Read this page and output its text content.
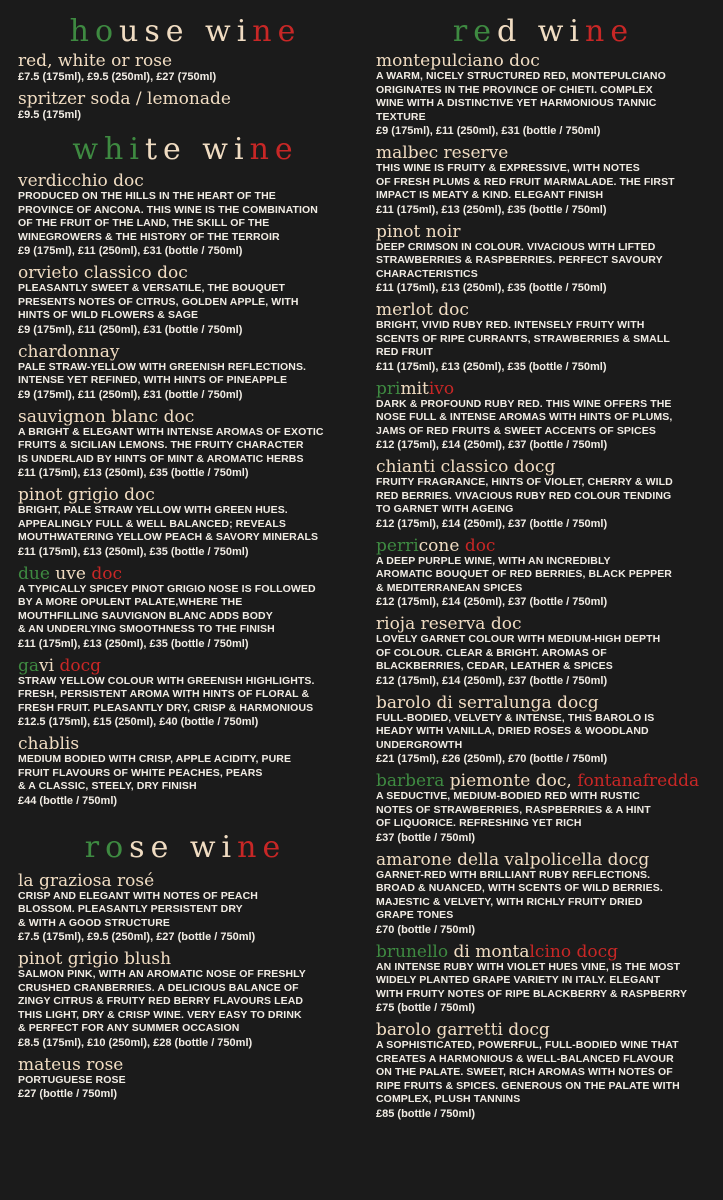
house wine
red, white or rose
£7.5 (175ml), £9.5 (250ml), £27 (750ml)
spritzer soda / lemonade
£9.5 (175ml)
white wine
verdicchio doc
PRODUCED ON THE HILLS IN THE HEART OF THE
PROVINCE OF ANCONA. THIS WINE IS THE COMBINATION
OF THE FRUIT OF THE LAND, THE SKILL OF THE
WINEGROWERS & THE HISTORY OF THE TERROIR
£9 (175ml), £11 (250ml), £31 (bottle / 750ml)
orvieto classico doc
PLEASANTLY SWEET & VERSATILE, THE BOUQUET
PRESENTS NOTES OF CITRUS, GOLDEN APPLE, WITH
HINTS OF WILD FLOWERS & SAGE
£9 (175ml), £11 (250ml), £31 (bottle / 750ml)
chardonnay
PALE STRAW-YELLOW WITH GREENISH REFLECTIONS.
INTENSE YET REFINED, WITH HINTS OF PINEAPPLE
£9 (175ml), £11 (250ml), £31 (bottle / 750ml)
sauvignon blanc doc
A BRIGHT & ELEGANT WITH INTENSE AROMAS OF EXOTIC
FRUITS & SICILIAN LEMONS. THE FRUITY CHARACTER
IS UNDERLAID BY HINTS OF MINT & AROMATIC HERBS
£11 (175ml), £13 (250ml), £35 (bottle / 750ml)
pinot grigio doc
BRIGHT, PALE STRAW YELLOW WITH GREEN HUES.
APPEALINGLY FULL & WELL BALANCED; REVEALS
MOUTHWATERING YELLOW PEACH & SAVORY MINERALS
£11 (175ml), £13 (250ml), £35 (bottle / 750ml)
due uve doc
A TYPICALLY SPICEY PINOT GRIGIO NOSE IS FOLLOWED
BY A MORE OPULENT PALATE,WHERE THE
MOUTHFILLING SAUVIGNON BLANC ADDS BODY
& AN UNDERLYING SMOOTHNESS TO THE FINISH
£11 (175ml), £13 (250ml), £35 (bottle / 750ml)
gavi docg
STRAW YELLOW COLOUR WITH GREENISH HIGHLIGHTS.
FRESH, PERSISTENT AROMA WITH HINTS OF FLORAL &
FRESH FRUIT. PLEASANTLY DRY, CRISP & HARMONIOUS
£12.5 (175ml), £15 (250ml), £40 (bottle / 750ml)
chablis
MEDIUM BODIED WITH CRISP, APPLE ACIDITY, PURE
FRUIT FLAVOURS OF WHITE PEACHES, PEARS
& A CLASSIC, STEELY, DRY FINISH
£44 (bottle / 750ml)
rose wine
la graziosa rosé
CRISP AND ELEGANT WITH NOTES OF PEACH
BLOSSOM. PLEASANTLY PERSISTENT DRY
& WITH A GOOD STRUCTURE
£7.5 (175ml), £9.5 (250ml), £27 (bottle / 750ml)
pinot grigio blush
SALMON PINK, WITH AN AROMATIC NOSE OF FRESHLY
CRUSHED CRANBERRIES. A DELICIOUS BALANCE OF
ZINGY CITRUS & FRUITY RED BERRY FLAVOURS LEAD
THIS LIGHT, DRY & CRISP WINE. VERY EASY TO DRINK
& PERFECT FOR ANY SUMMER OCCASION
£8.5 (175ml), £10 (250ml), £28 (bottle / 750ml)
mateus rose
PORTUGUESE ROSE
£27 (bottle / 750ml)
red wine
montepulciano doc
A WARM, NICELY STRUCTURED RED, MONTEPULCIANO
ORIGINATES IN THE PROVINCE OF CHIETI. COMPLEX
WINE WITH A DISTINCTIVE YET HARMONIOUS TANNIC
TEXTURE
£9 (175ml), £11 (250ml), £31 (bottle / 750ml)
malbec reserve
THIS WINE IS FRUITY & EXPRESSIVE, WITH NOTES
OF FRESH PLUMS & RED FRUIT MARMALADE. THE FIRST
IMPACT IS MEATY & KIND. ELEGANT FINISH
£11 (175ml), £13 (250ml), £35 (bottle / 750ml)
pinot noir
DEEP CRIMSON IN COLOUR. VIVACIOUS WITH LIFTED
STRAWBERRIES & RASPBERRIES. PERFECT SAVOURY
CHARACTERISTICS
£11 (175ml), £13 (250ml), £35 (bottle / 750ml)
merlot doc
BRIGHT, VIVID RUBY RED. INTENSELY FRUITY WITH
SCENTS OF RIPE CURRANTS, STRAWBERRIES & SMALL
RED FRUIT
£11 (175ml), £13 (250ml), £35 (bottle / 750ml)
primitivo
DARK & PROFOUND RUBY RED. THIS WINE OFFERS THE
NOSE FULL & INTENSE AROMAS WITH HINTS OF PLUMS,
JAMS OF RED FRUITS & SWEET ACCENTS OF SPICES
£12 (175ml), £14 (250ml), £37 (bottle / 750ml)
chianti classico docg
FRUITY FRAGRANCE, HINTS OF VIOLET, CHERRY & WILD
RED BERRIES. VIVACIOUS RUBY RED COLOUR TENDING
TO GARNET WITH AGEING
£12 (175ml), £14 (250ml), £37 (bottle / 750ml)
perricone doc
A DEEP PURPLE WINE, WITH AN INCREDIBLY
AROMATIC BOUQUET OF RED BERRIES, BLACK PEPPER
& MEDITERRANEAN SPICES
£12 (175ml), £14 (250ml), £37 (bottle / 750ml)
rioja reserva doc
LOVELY GARNET COLOUR WITH MEDIUM-HIGH DEPTH
OF COLOUR. CLEAR & BRIGHT. AROMAS OF
BLACKBERRIES, CEDAR, LEATHER & SPICES
£12 (175ml), £14 (250ml), £37 (bottle / 750ml)
barolo di serralunga docg
FULL-BODIED, VELVETY & INTENSE, THIS BAROLO IS
HEADY WITH VANILLA, DRIED ROSES & WOODLAND
UNDERGROWTH
£21 (175ml), £26 (250ml), £70 (bottle / 750ml)
barbera piemonte doc, fontanafredda
A SEDUCTIVE, MEDIUM-BODIED RED WITH RUSTIC
NOTES OF STRAWBERRIES, RASPBERRIES & A HINT
OF LIQUORICE. REFRESHING YET RICH
£37 (bottle / 750ml)
amarone della valpolicella docg
GARNET-RED WITH BRILLIANT RUBY REFLECTIONS.
BROAD & NUANCED, WITH SCENTS OF WILD BERRIES.
MAJESTIC & VELVETY, WITH RICHLY FRUITY DRIED
GRAPE TONES
£70 (bottle / 750ml)
brunello di montalcino docg
AN INTENSE RUBY WITH VIOLET HUES VINE, IS THE MOST
WIDELY PLANTED GRAPE VARIETY IN ITALY. ELEGANT
WITH FRUITY NOTES OF RIPE BLACKBERRY & RASPBERRY
£75 (bottle / 750ml)
barolo garretti docg
A SOPHISTICATED, POWERFUL, FULL-BODIED WINE THAT
CREATES A HARMONIOUS & WELL-BALANCED FLAVOUR
ON THE PALATE. SWEET, RICH AROMAS WITH NOTES OF
RIPE FRUITS & SPICES. GENEROUS ON THE PALATE WITH
COMPLEX, PLUSH TANNINS
£85 (bottle / 750ml)
